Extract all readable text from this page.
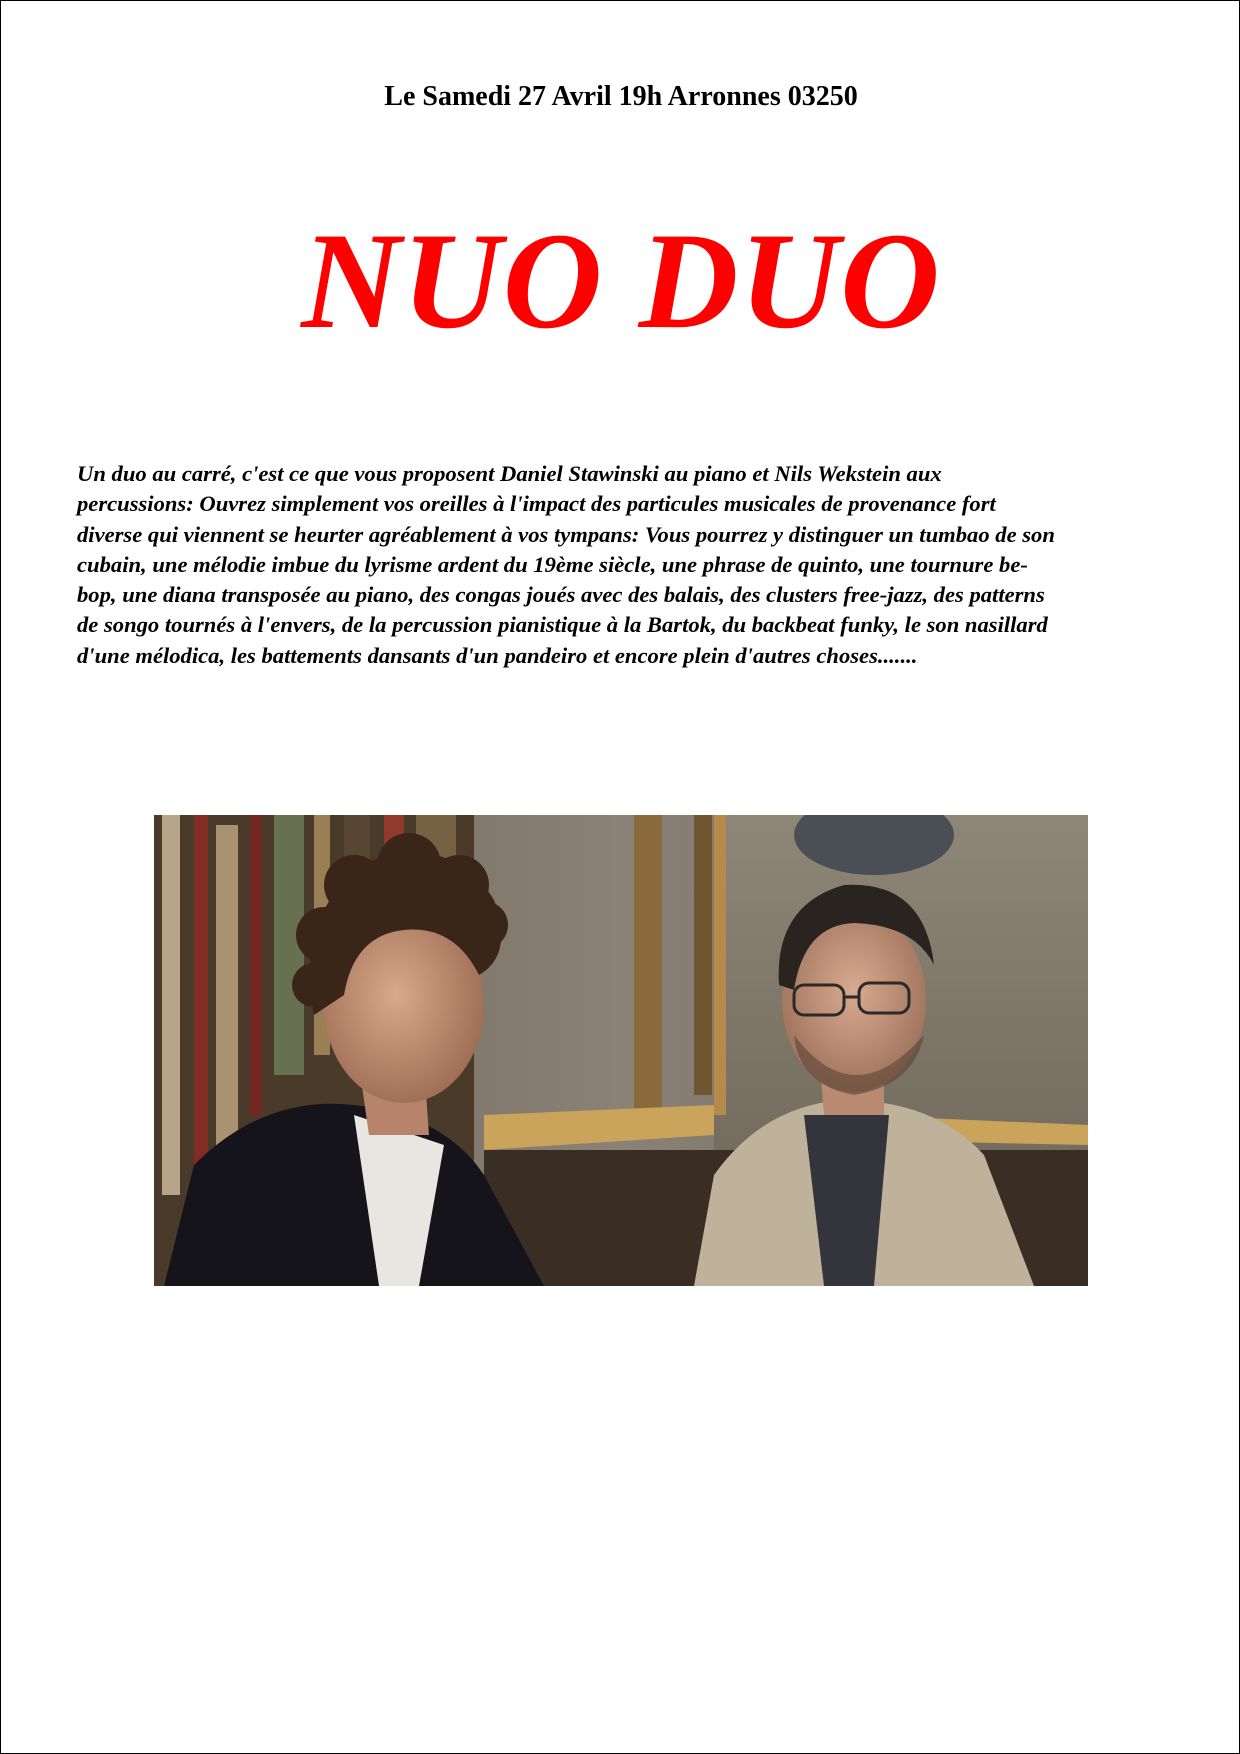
Le Samedi 27 Avril 19h Arronnes 03250
NUO DUO
Un duo au carré, c'est ce que vous proposent Daniel Stawinski au piano et Nils Wekstein aux
percussions: Ouvrez simplement vos oreilles à l'impact des particules musicales de provenance fort
diverse qui viennent se heurter agréablement à vos tympans: Vous pourrez y distinguer un tumbao de son
cubain, une mélodie imbue du lyrisme ardent du 19ème siècle, une phrase de quinto, une tournure be-
bop, une diana transposée au piano, des congas joués avec des balais, des clusters free-jazz, des patterns
de songo tournés à l'envers, de la percussion pianistique à la Bartok, du backbeat funky, le son nasillard
d'une mélodica, les battements dansants d'un pandeiro et encore plein d'autres choses.......
